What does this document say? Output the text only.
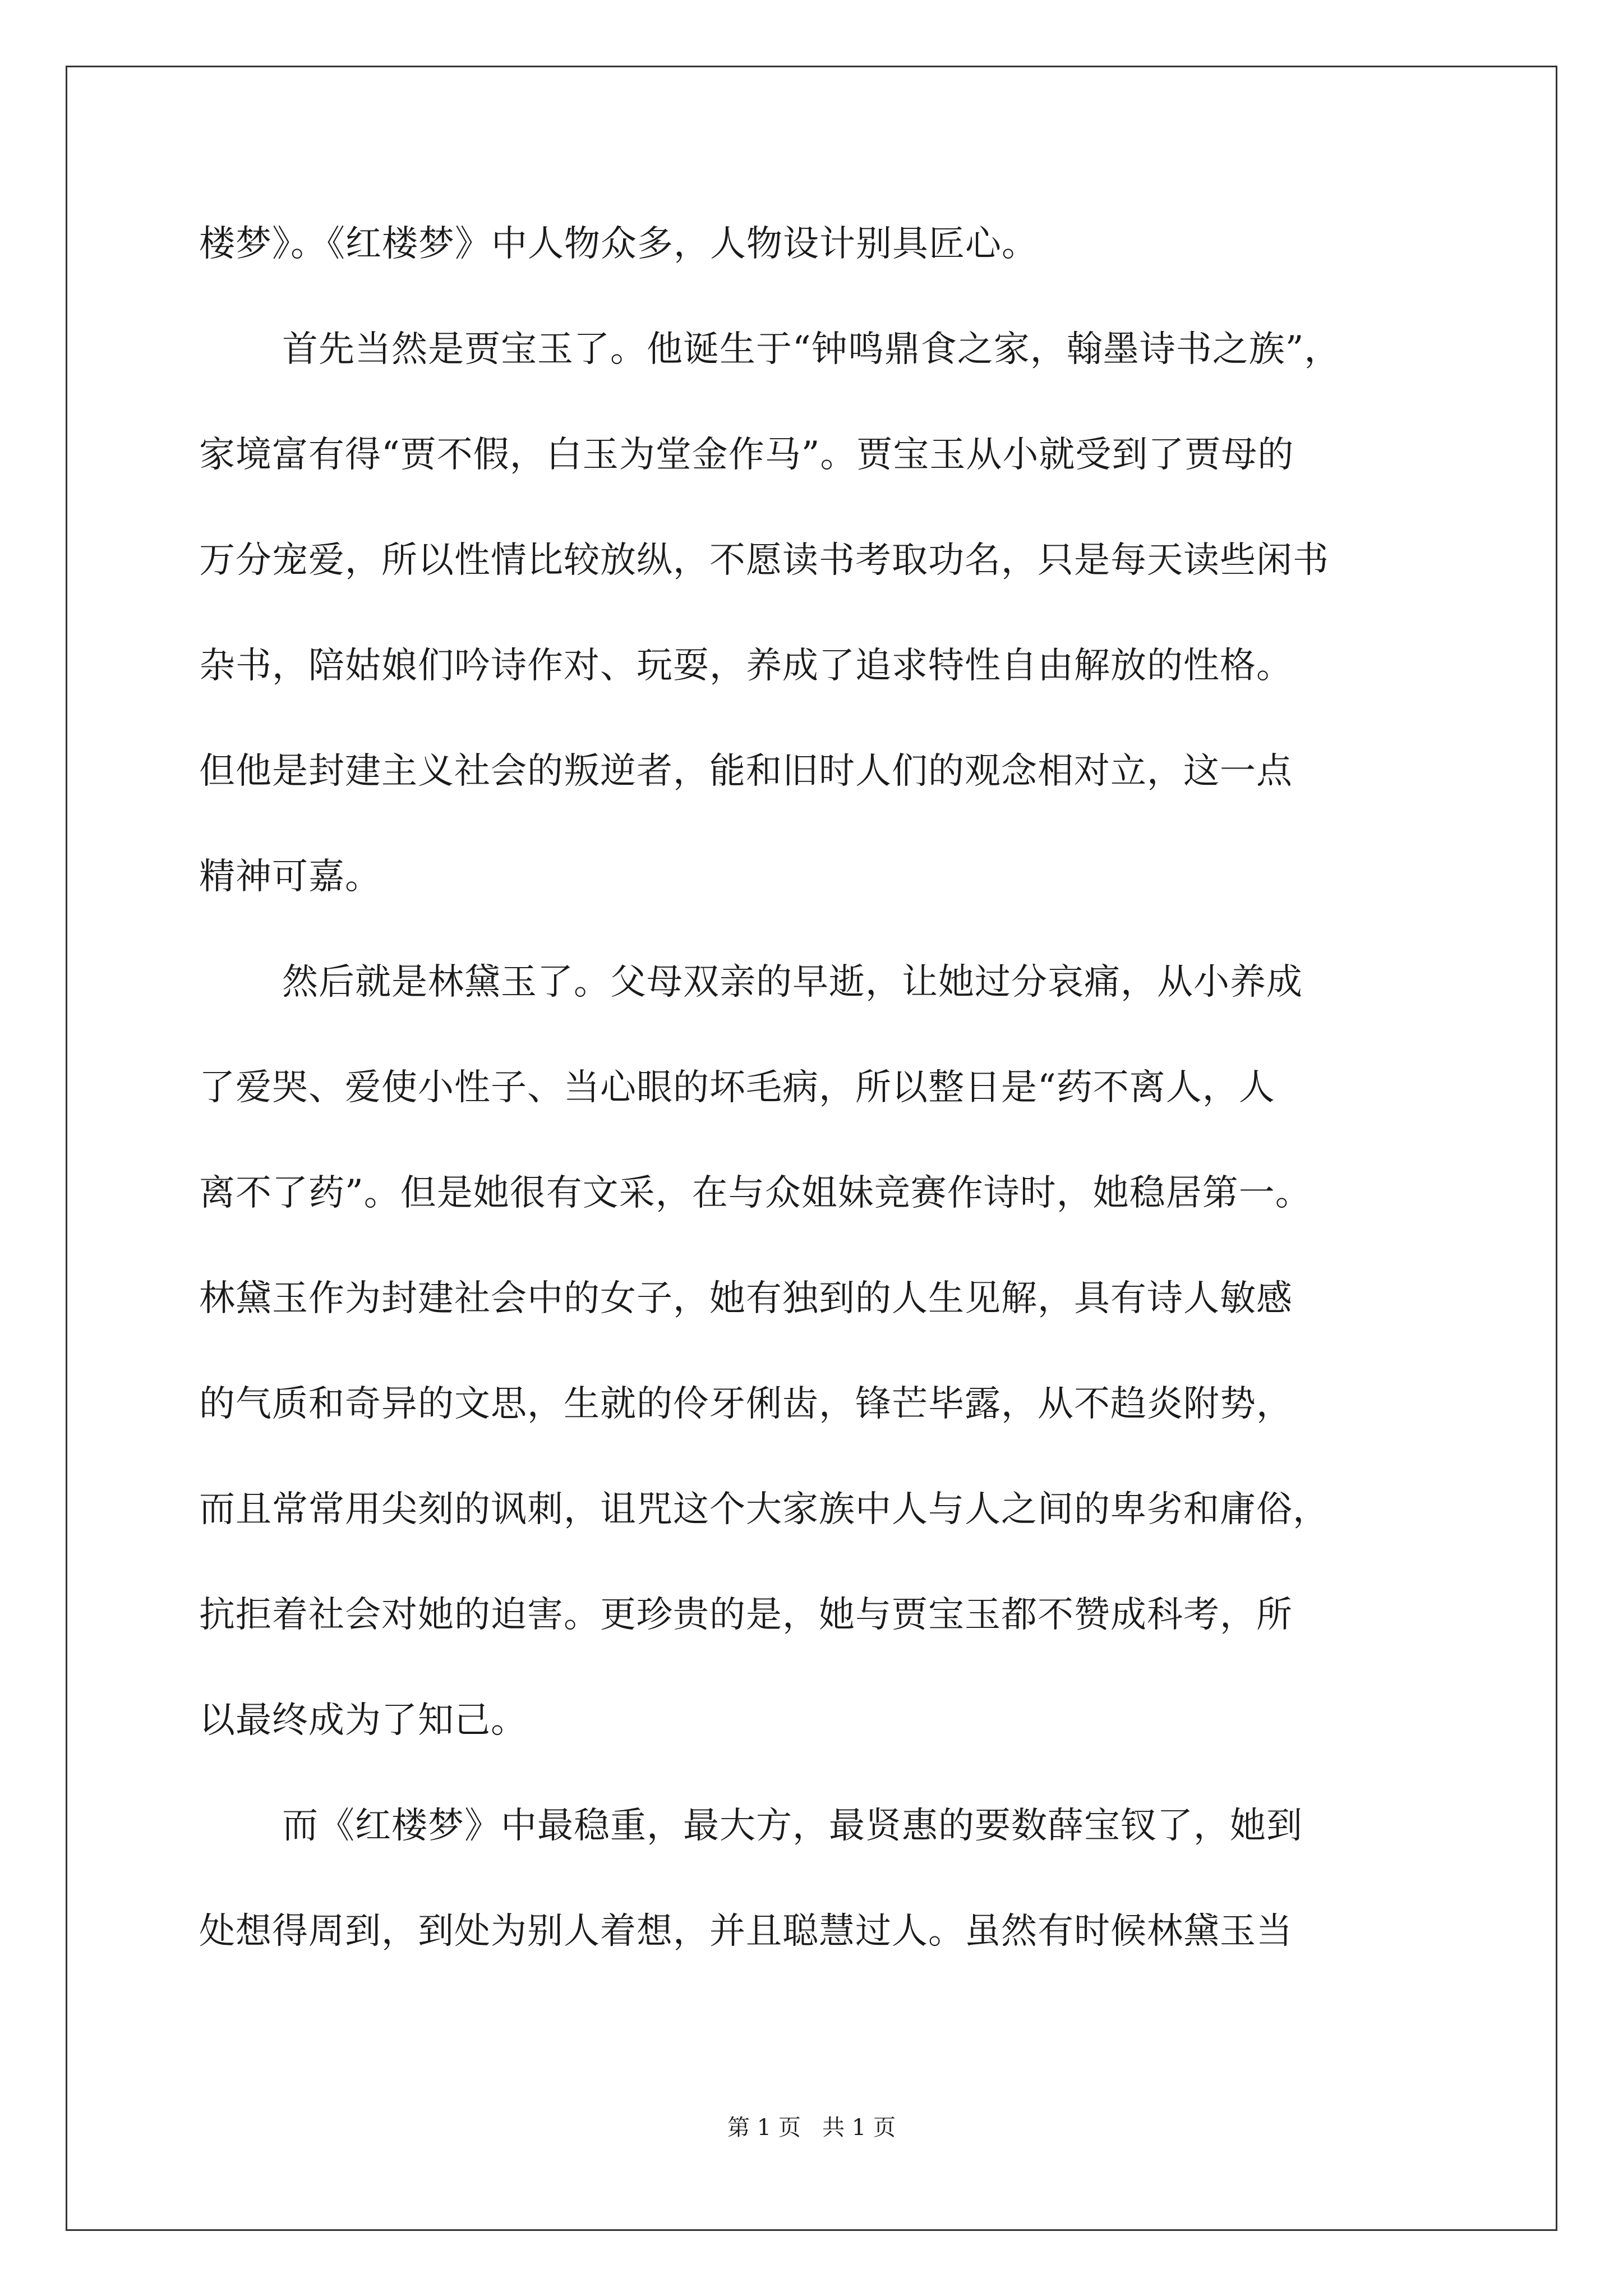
楼梦》。《红楼梦》中人物众多，人物设计别具匠心。
首先当然是贾宝玉了。他诞生于“钟鸣鼎食之家，翰墨诗书之族”，
家境富有得“贾不假，白玉为堂金作马”。贾宝玉从小就受到了贾母的
万分宠爱，所以性情比较放纵，不愿读书考取功名，只是每天读些闲书
杂书，陪姑娘们吟诗作对、玩耍，养成了追求特性自由解放的性格。
但他是封建主义社会的叛逆者，能和旧时人们的观念相对立，这一点
精神可嘉。
然后就是林黛玉了。父母双亲的早逝，让她过分哀痛，从小养成
了爱哭、爱使小性子、当心眼的坏毛病，所以整日是“药不离人，人
离不了药”。但是她很有文采，在与众姐妹竞赛作诗时，她稳居第一。
林黛玉作为封建社会中的女子，她有独到的人生见解，具有诗人敏感
的气质和奇异的文思，生就的伶牙俐齿，锋芒毕露，从不趋炎附势，
而且常常用尖刻的讽刺，诅咒这个大家族中人与人之间的卑劣和庸俗，
抗拒着社会对她的迫害。更珍贵的是，她与贾宝玉都不赞成科考，所
以最终成为了知己。
而《红楼梦》中最稳重，最大方，最贤惠的要数薛宝钗了，她到
处想得周到，到处为别人着想，并且聪慧过人。虽然有时候林黛玉当
第 1 页   共 1 页
